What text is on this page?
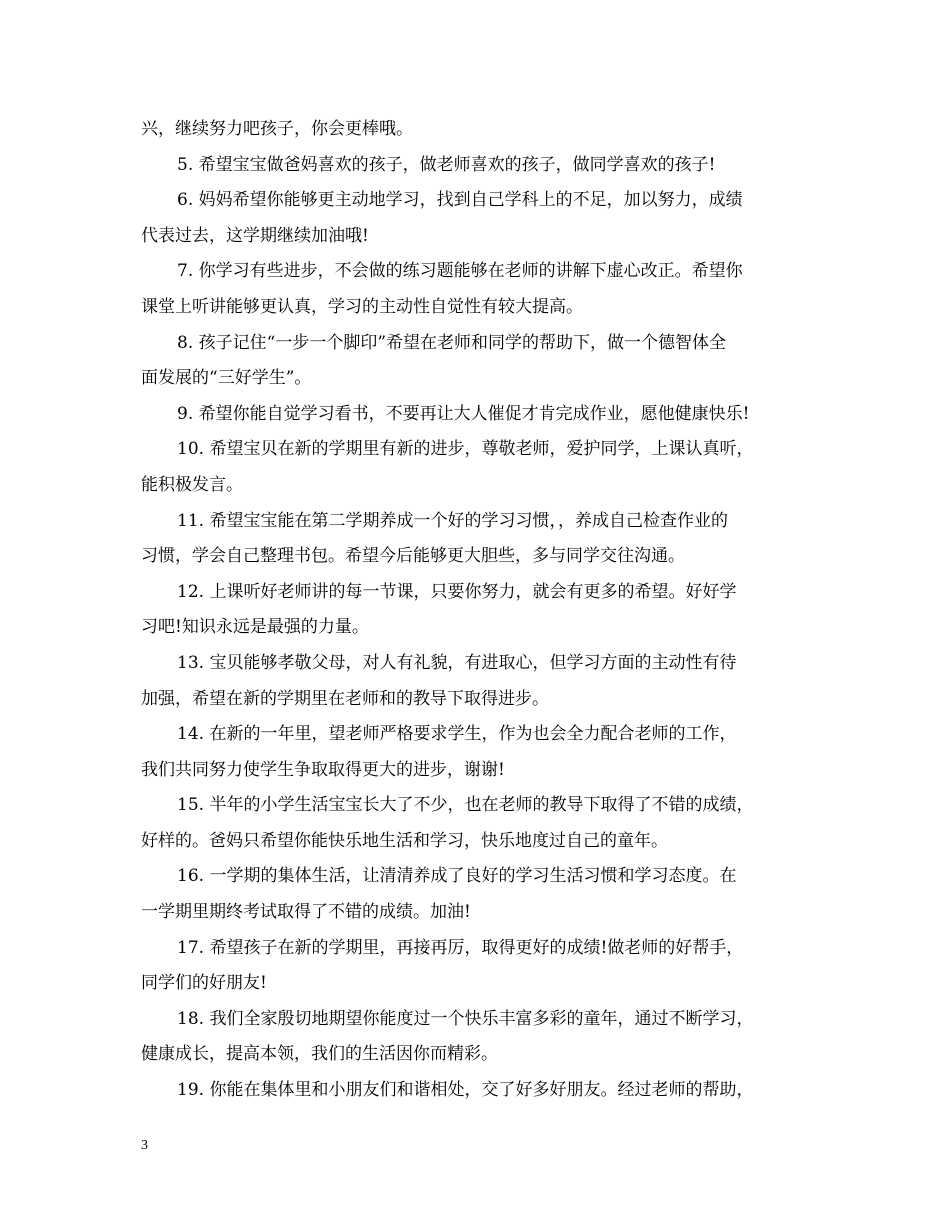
兴，继续努力吧孩子，你会更棒哦。
5. 希望宝宝做爸妈喜欢的孩子，做老师喜欢的孩子，做同学喜欢的孩子!
6. 妈妈希望你能够更主动地学习，找到自己学科上的不足，加以努力，成绩
代表过去，这学期继续加油哦!
7. 你学习有些进步，不会做的练习题能够在老师的讲解下虚心改正。希望你
课堂上听讲能够更认真，学习的主动性自觉性有较大提高。
8. 孩子记住“一步一个脚印”希望在老师和同学的帮助下，做一个德智体全
面发展的“三好学生”。
9. 希望你能自觉学习看书，不要再让大人催促才肯完成作业，愿他健康快乐!
10. 希望宝贝在新的学期里有新的进步，尊敬老师，爱护同学，上课认真听，
能积极发言。
11. 希望宝宝能在第二学期养成一个好的学习习惯，，养成自己检查作业的
习惯，学会自己整理书包。希望今后能够更大胆些，多与同学交往沟通。
12. 上课听好老师讲的每一节课，只要你努力，就会有更多的希望。好好学
习吧!知识永远是最强的力量。
13. 宝贝能够孝敬父母，对人有礼貌，有进取心，但学习方面的主动性有待
加强，希望在新的学期里在老师和的教导下取得进步。
14. 在新的一年里，望老师严格要求学生，作为也会全力配合老师的工作，
我们共同努力使学生争取取得更大的进步，谢谢!
15. 半年的小学生活宝宝长大了不少，也在老师的教导下取得了不错的成绩，
好样的。爸妈只希望你能快乐地生活和学习，快乐地度过自己的童年。
16. 一学期的集体生活，让清清养成了良好的学习生活习惯和学习态度。在
一学期里期终考试取得了不错的成绩。加油!
17. 希望孩子在新的学期里，再接再厉，取得更好的成绩!做老师的好帮手，
同学们的好朋友!
18. 我们全家殷切地期望你能度过一个快乐丰富多彩的童年，通过不断学习，
健康成长，提高本领，我们的生活因你而精彩。
19. 你能在集体里和小朋友们和谐相处，交了好多好朋友。经过老师的帮助，
3
